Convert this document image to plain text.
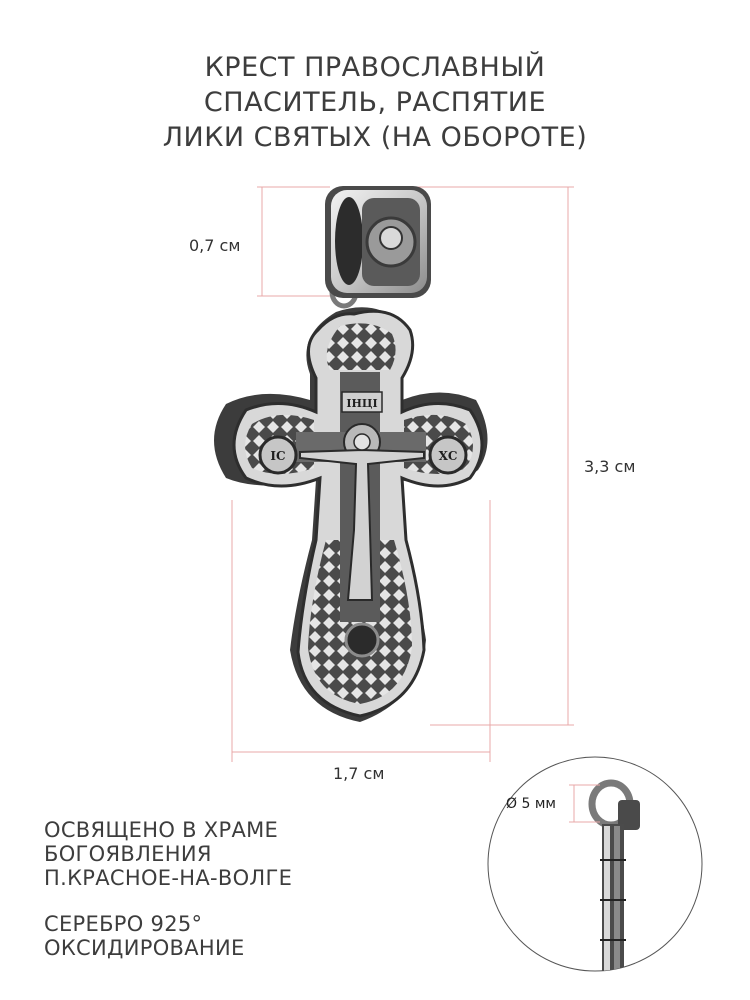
КРЕСТ ПРАВОСЛАВНЫЙ
СПАСИТЕЛЬ, РАСПЯТИЕ
ЛИКИ СВЯТЫХ (НА ОБОРОТЕ)
ІНЦІ
ІС	ХС
0,7 см
3,3 см
1,7 см
Ø 5 мм
ОСВЯЩЕНО В ХРАМЕ
БОГОЯВЛЕНИЯ
П.КРАСНОЕ-НА-ВОЛГЕ
СЕРЕБРО 925°
ОКСИДИРОВАНИЕ
